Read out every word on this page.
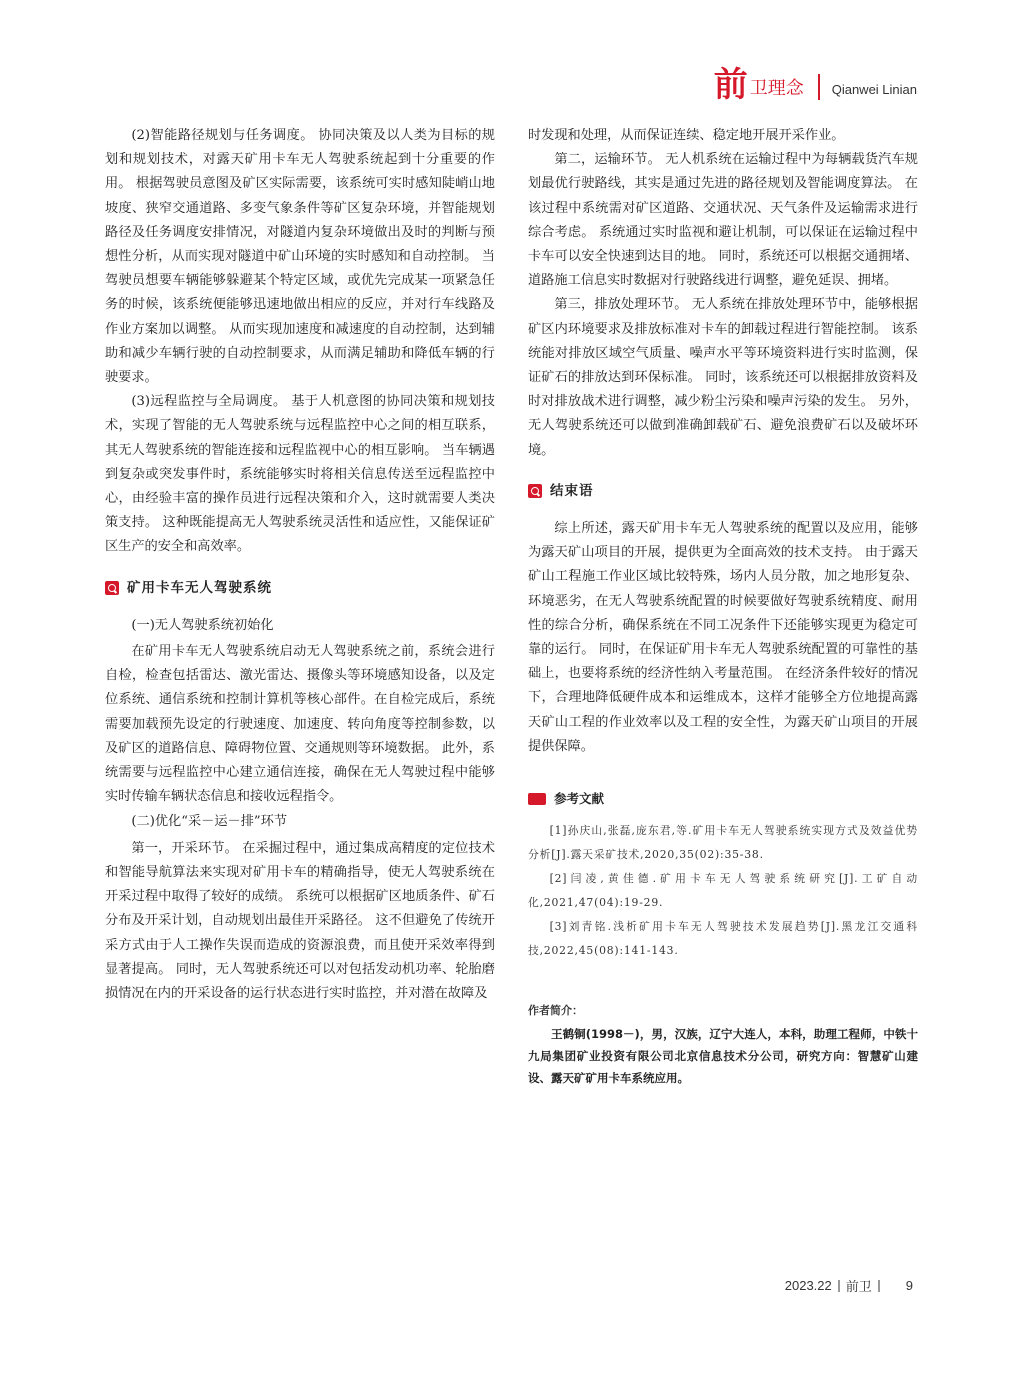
前 卫理念 Qianwei Linian

(2)智能路径规划与任务调度。 协同决策及以人类为目标的规划和规划技术，对露天矿用卡车无人驾驶系统起到十分重要的作用。 根据驾驶员意图及矿区实际需要，该系统可实时感知陡峭山地坡度、狭窄交通道路、多变气象条件等矿区复杂环境，并智能规划路径及任务调度安排情况，对隧道内复杂环境做出及时的判断与预想性分析，从而实现对隧道中矿山环境的实时感知和自动控制。 当驾驶员想要车辆能够躲避某个特定区域，或优先完成某一项紧急任务的时候，该系统便能够迅速地做出相应的反应，并对行车线路及作业方案加以调整。 从而实现加速度和减速度的自动控制，达到辅助和减少车辆行驶的自动控制要求，从而满足辅助和降低车辆的行驶要求。

(3)远程监控与全局调度。 基于人机意图的协同决策和规划技术，实现了智能的无人驾驶系统与远程监控中心之间的相互联系，其无人驾驶系统的智能连接和远程监视中心的相互影响。 当车辆遇到复杂或突发事件时，系统能够实时将相关信息传送至远程监控中心，由经验丰富的操作员进行远程决策和介入，这时就需要人类决策支持。 这种既能提高无人驾驶系统灵活性和适应性，又能保证矿区生产的安全和高效率。

矿用卡车无人驾驶系统

(一)无人驾驶系统初始化

在矿用卡车无人驾驶系统启动无人驾驶系统之前，系统会进行自检，检查包括雷达、激光雷达、摄像头等环境感知设备，以及定位系统、通信系统和控制计算机等核心部件。在自检完成后，系统需要加载预先设定的行驶速度、加速度、转向角度等控制参数，以及矿区的道路信息、障碍物位置、交通规则等环境数据。 此外，系统需要与远程监控中心建立通信连接，确保在无人驾驶过程中能够实时传输车辆状态信息和接收远程指令。

(二)优化“采－运－排”环节

第一，开采环节。 在采掘过程中，通过集成高精度的定位技术和智能导航算法来实现对矿用卡车的精确指导，使无人驾驶系统在开采过程中取得了较好的成绩。 系统可以根据矿区地质条件、矿石分布及开采计划，自动规划出最佳开采路径。 这不但避免了传统开采方式由于人工操作失误而造成的资源浪费，而且使开采效率得到显著提高。 同时，无人驾驶系统还可以对包括发动机功率、轮胎磨损情况在内的开采设备的运行状态进行实时监控，并对潜在故障及

时发现和处理，从而保证连续、稳定地开展开采作业。

第二，运输环节。 无人机系统在运输过程中为每辆载货汽车规划最优行驶路线，其实是通过先进的路径规划及智能调度算法。 在该过程中系统需对矿区道路、交通状况、天气条件及运输需求进行综合考虑。 系统通过实时监视和避让机制，可以保证在运输过程中卡车可以安全快速到达目的地。 同时，系统还可以根据交通拥堵、道路施工信息实时数据对行驶路线进行调整，避免延误、拥堵。

第三，排放处理环节。 无人系统在排放处理环节中，能够根据矿区内环境要求及排放标准对卡车的卸载过程进行智能控制。 该系统能对排放区域空气质量、噪声水平等环境资料进行实时监测，保证矿石的排放达到环保标准。 同时，该系统还可以根据排放资料及时对排放战术进行调整，减少粉尘污染和噪声污染的发生。 另外，无人驾驶系统还可以做到准确卸载矿石、避免浪费矿石以及破坏环境。

结束语

综上所述，露天矿用卡车无人驾驶系统的配置以及应用，能够为露天矿山项目的开展，提供更为全面高效的技术支持。 由于露天矿山工程施工作业区域比较特殊，场内人员分散，加之地形复杂、环境恶劣，在无人驾驶系统配置的时候要做好驾驶系统精度、耐用性的综合分析，确保系统在不同工况条件下还能够实现更为稳定可靠的运行。 同时，在保证矿用卡车无人驾驶系统配置的可靠性的基础上，也要将系统的经济性纳入考量范围。 在经济条件较好的情况下，合理地降低硬件成本和运维成本，这样才能够全方位地提高露天矿山工程的作业效率以及工程的安全性，为露天矿山项目的开展提供保障。

参考文献

[1]孙庆山,张磊,庞东君,等.矿用卡车无人驾驶系统实现方式及效益优势分析[J].露天采矿技术,2020,35(02):35-38.

[2]闫凌,黄佳德.矿用卡车无人驾驶系统研究[J].工矿自动化,2021,47(04):19-29.

[3]刘青铭.浅析矿用卡车无人驾驶技术发展趋势[J].黑龙江交通科技,2022,45(08):141-143.

作者简介：

王鹤铜(1998－)，男，汉族，辽宁大连人，本科，助理工程师，中铁十九局集团矿业投资有限公司北京信息技术分公司，研究方向：智慧矿山建设、露天矿矿用卡车系统应用。

2023.22 前卫	9
